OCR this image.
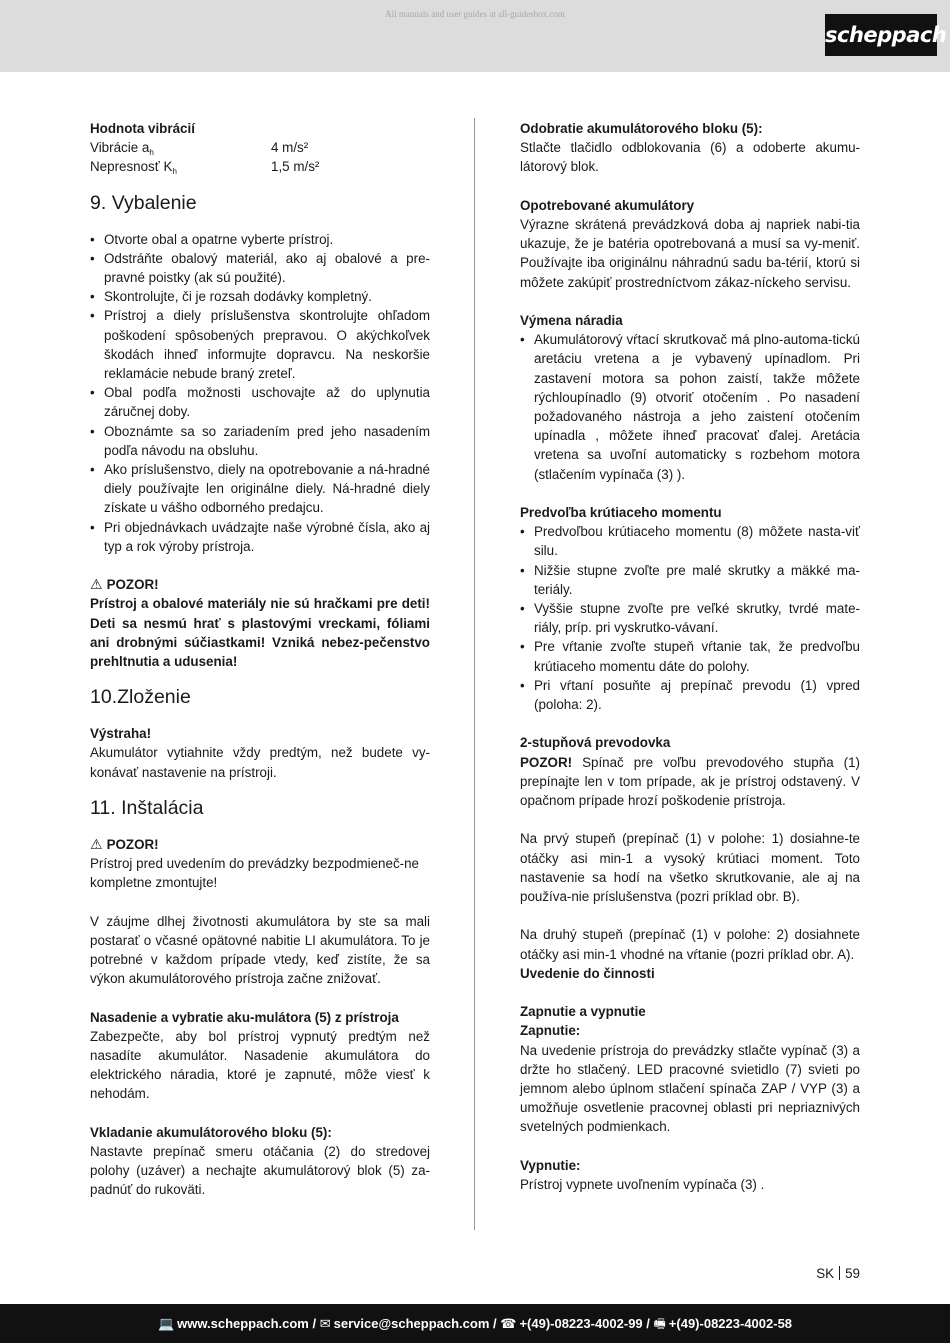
All manuals and user guides at all-guidesbox.com
scheppach

Hodnota vibrácií

Vibrácie $a_h$	4 m/s²
Nepresnosť $K_h$	1,5 m/s²
9. Vybalenie
• Otvorte obal a opatrne vyberte prístroj.
• Odstráňte obalový materiál, ako aj obalové a pre-pravné poistky (ak sú použité).
• Skontrolujte, či je rozsah dodávky kompletný.
• Prístroj a diely príslušenstva skontrolujte ohľadom poškodení spôsobených prepravou. O akýchkoľvek škodách ihneď informujte dopravcu. Na neskoršie reklamácie nebude braný zreteľ.
• Obal podľa možnosti uschovajte až do uplynutia záručnej doby.
• Oboznámte sa so zariadením pred jeho nasadením podľa návodu na obsluhu.
• Ako príslušenstvo, diely na opotrebovanie a ná-hradné diely používajte len originálne diely. Ná-hradné diely získate u vášho odborného predajcu.
• Pri objednávkach uvádzajte naše výrobné čísla, ako aj typ a rok výroby prístroja.

⚠ POZOR!

Prístroj a obalové materiály nie sú hračkami pre deti! Deti sa nesmú hrať s plastovými vreckami, fóliami ani drobnými súčiastkami! Vzniká nebez-pečenstvo prehltnutia a udusenia!

10.Zloženie

Výstraha!

Akumulátor vytiahnite vždy predtým, než budete vy-konávať nastavenie na prístroji.

11. Inštalácia

⚠ POZOR!

Prístroj pred uvedením do prevádzky bezpodmieneč-ne kompletne zmontujte!

V záujme dlhej životnosti akumulátora by ste sa mali postarať o včasné opätovné nabitie LI akumulátora. To je potrebné v každom prípade vtedy, keď zistíte, že sa výkon akumulátorového prístroja začne znižovať.

Nasadenie a vybratie aku-mulátora (5) z prístroja

Zabezpečte, aby bol prístroj vypnutý predtým než nasadíte akumulátor. Nasadenie akumulátora do elektrického náradia, ktoré je zapnuté, môže viesť k nehodám.

Vkladanie akumulátorového bloku (5):

Nastavte prepínač smeru otáčania (2) do stredovej polohy (uzáver) a nechajte akumulátorový blok (5) za-padnúť do rukoväti.

Odobratie akumulátorového bloku (5):

Stlačte tlačidlo odblokovania (6) a odoberte akumu-látorový blok.

Opotrebované akumulátory

Výrazne skrátená prevádzková doba aj napriek nabi-tia ukazuje, že je batéria opotrebovaná a musí sa vy-meniť. Používajte iba originálnu náhradnú sadu ba-térií, ktorú si môžete zakúpiť prostredníctvom zákaz-níckeho servisu.

Výmena náradia

• Akumulátorový vŕtací skrutkovač má plno-automa-tickú aretáciu vretena a je vybavený upínadlom. Pri zastavení motora sa pohon zaistí, takže môžete rýchloupínadlo (9) otvoriť otočením . Po nasadení požadovaného nástroja a jeho zaistení otočením upínadla , môžete ihneď pracovať ďalej. Aretácia vretena sa uvoľní automaticky s rozbehom motora (stlačením vypínača (3) ).

Predvoľba krútiaceho momentu

• Predvoľbou krútiaceho momentu (8) môžete nasta-viť silu.
• Nižšie stupne zvoľte pre malé skrutky a mäkké ma-teriály.
• Vyššie stupne zvoľte pre veľké skrutky, tvrdé mate-riály, príp. pri vyskrutko-vávaní.
• Pre vŕtanie zvoľte stupeň vŕtanie tak, že predvoľbu krútiaceho momentu dáte do polohy.
• Pri vŕtaní posuňte aj prepínač prevodu (1) vpred (poloha: 2).

2-stupňová prevodovka

POZOR! Spínač pre voľbu prevodového stupňa (1) prepínajte len v tom prípade, ak je prístroj odstavený. V opačnom prípade hrozí poškodenie prístroja.

Na prvý stupeň (prepínač (1) v polohe: 1) dosiahne-te otáčky asi min-1 a vysoký krútiaci moment. Toto nastavenie sa hodí na všetko skrutkovanie, ale aj na používa-nie príslušenstva (pozri príklad obr. B).

Na druhý stupeň (prepínač (1) v polohe: 2) dosiahnete otáčky asi min-1 vhodné na vŕtanie (pozri príklad obr. A).

Uvedenie do činnosti

Zapnutie a vypnutie

Zapnutie:

Na uvedenie prístroja do prevádzky stlačte vypínač (3) a držte ho stlačený. LED pracovné svietidlo (7) svieti po jemnom alebo úplnom stlačení spínača ZAP / VYP (3) a umožňuje osvetlenie pracovnej oblasti pri nepriaznivých svetelných podmienkach.

Vypnutie:

Prístroj vypnete uvoľnením vypínača (3) .

SK 59
💻 www.scheppach.com / ✉ service@scheppach.com / ☎ +(49)-08223-4002-99 / 🖷 +(49)-08223-4002-58
